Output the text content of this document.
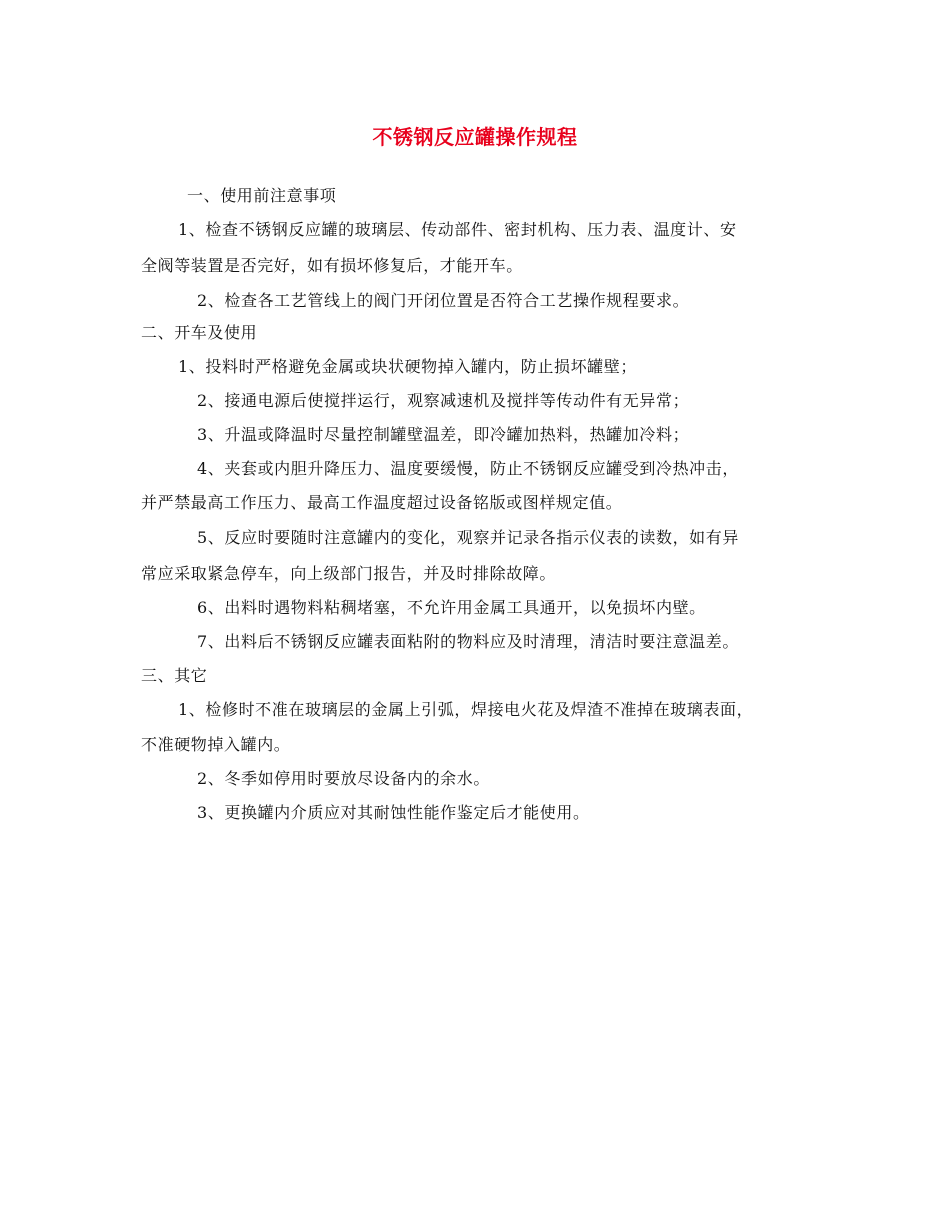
不锈钢反应罐操作规程
一、使用前注意事项
1、检查不锈钢反应罐的玻璃层、传动部件、密封机构、压力表、温度计、安
全阀等装置是否完好，如有损坏修复后，才能开车。
2、检查各工艺管线上的阀门开闭位置是否符合工艺操作规程要求。
二、开车及使用
1、投料时严格避免金属或块状硬物掉入罐内，防止损坏罐壁；
2、接通电源后使搅拌运行，观察减速机及搅拌等传动件有无异常；
3、升温或降温时尽量控制罐壁温差，即冷罐加热料，热罐加冷料；
4、夹套或内胆升降压力、温度要缓慢，防止不锈钢反应罐受到冷热冲击，
并严禁最高工作压力、最高工作温度超过设备铭版或图样规定值。
5、反应时要随时注意罐内的变化，观察并记录各指示仪表的读数，如有异
常应采取紧急停车，向上级部门报告，并及时排除故障。
6、出料时遇物料粘稠堵塞，不允许用金属工具通开，以免损坏内壁。
7、出料后不锈钢反应罐表面粘附的物料应及时清理，清洁时要注意温差。
三、其它
1、检修时不准在玻璃层的金属上引弧，焊接电火花及焊渣不准掉在玻璃表面，
不准硬物掉入罐内。
2、冬季如停用时要放尽设备内的余水。
3、更换罐内介质应对其耐蚀性能作鉴定后才能使用。
